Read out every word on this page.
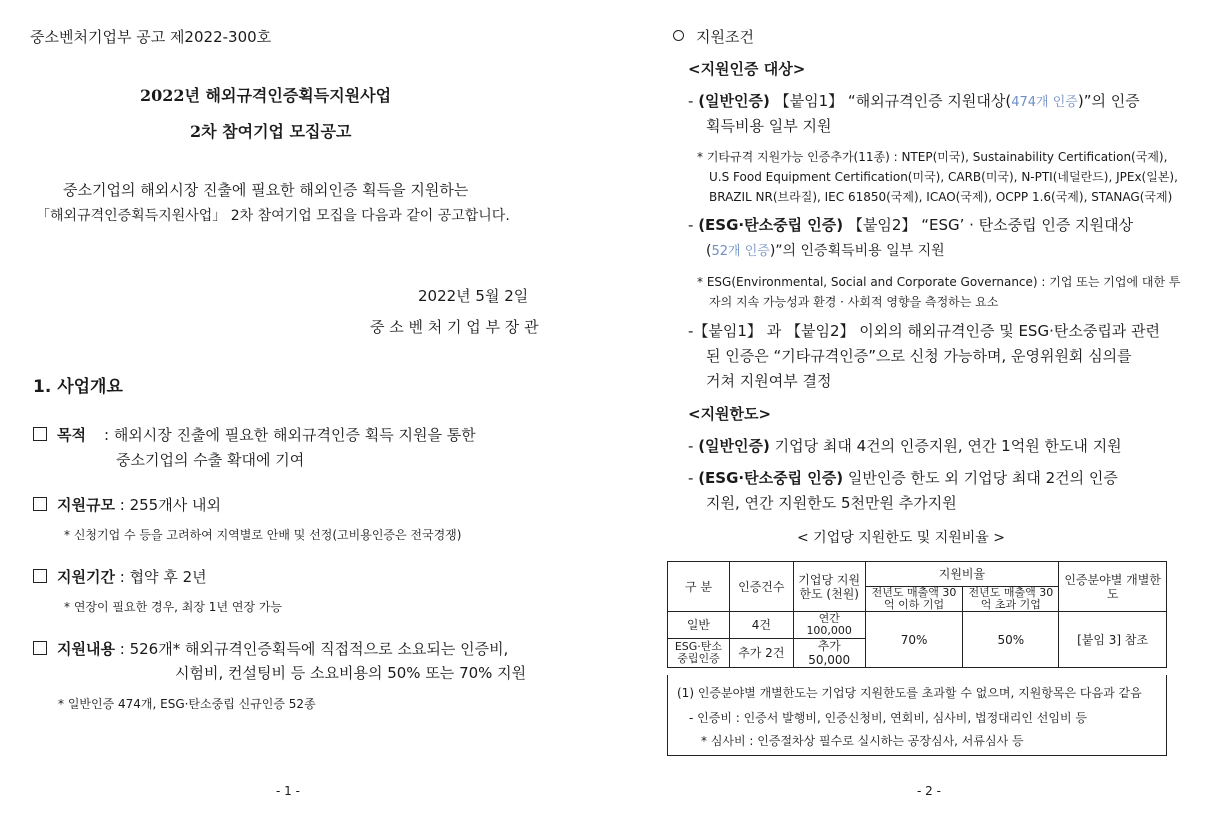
중소벤처기업부 공고 제2022-300호
2022년 해외규격인증획득지원사업
2차 참여기업 모집공고
중소기업의 해외시장 진출에 필요한 해외인증 획득을 지원하는
「해외규격인증획득지원사업」 2차 참여기업 모집을 다음과 같이 공고합니다.
2022년 5월 2일
중 소 벤 처 기 업 부 장 관
1. 사업개요
목적 : 해외시장 진출에 필요한 해외규격인증 획득 지원을 통한
중소기업의 수출 확대에 기여
지원규모 : 255개사 내외
* 신청기업 수 등을 고려하여 지역별로 안배 및 선정(고비용인증은 전국경쟁)
지원기간 : 협약 후 2년
* 연장이 필요한 경우, 최장 1년 연장 가능
지원내용 : 526개* 해외규격인증획득에 직접적으로 소요되는 인증비,
시험비, 컨설팅비 등 소요비용의 50% 또는 70% 지원
* 일반인증 474개, ESG·탄소중립 신규인증 52종
- 1 -
지원조건
<지원인증 대상>
- (일반인증) 【붙임1】 “해외규격인증 지원대상(474개 인증)”의 인증
획득비용 일부 지원
* 기타규격 지원가능 인증추가(11종) : NTEP(미국), Sustainability Certification(국제),
U.S Food Equipment Certification(미국), CARB(미국), N-PTI(네덜란드), JPEx(일본),
BRAZIL NR(브라질), IEC 61850(국제), ICAO(국제), OCPP 1.6(국제), STANAG(국제)
- (ESG·탄소중립 인증) 【붙임2】 “ESG’ · 탄소중립 인증 지원대상
(52개 인증)”의 인증획득비용 일부 지원
* ESG(Environmental, Social and Corporate Governance) : 기업 또는 기업에 대한 투
자의 지속 가능성과 환경 · 사회적 영향을 측정하는 요소
-【붙임1】 과 【붙임2】 이외의 해외규격인증 및 ESG·탄소중립과 관련
된 인증은 “기타규격인증”으로 신청 가능하며, 운영위원회 심의를
거쳐 지원여부 결정
<지원한도>
- (일반인증) 기업당 최대 4건의 인증지원, 연간 1억원 한도내 지원
- (ESG·탄소중립 인증) 일반인증 한도 외 기업당 최대 2건의 인증
지원, 연간 지원한도 5천만원 추가지원
< 기업당 지원한도 및 지원비율 >
구 분	인증건수	기업당 지원한도 (천원)	지원비율		인증분야별 개별한도
			전년도 매출액 30억 이하 기업	전년도 매출액 30억 초과 기업	
일반	4건	연간 100,000	70%	50%	[붙임 3] 참조
ESG·탄소 중립인증	추가 2건	추가 50,000			
(1) 인증분야별 개별한도는 기업당 지원한도를 초과할 수 없으며, 지원항목은 다음과 같음
- 인증비 : 인증서 발행비, 인증신청비, 연회비, 심사비, 법정대리인 선임비 등
* 심사비 : 인증절차상 필수로 실시하는 공장심사, 서류심사 등
- 2 -
